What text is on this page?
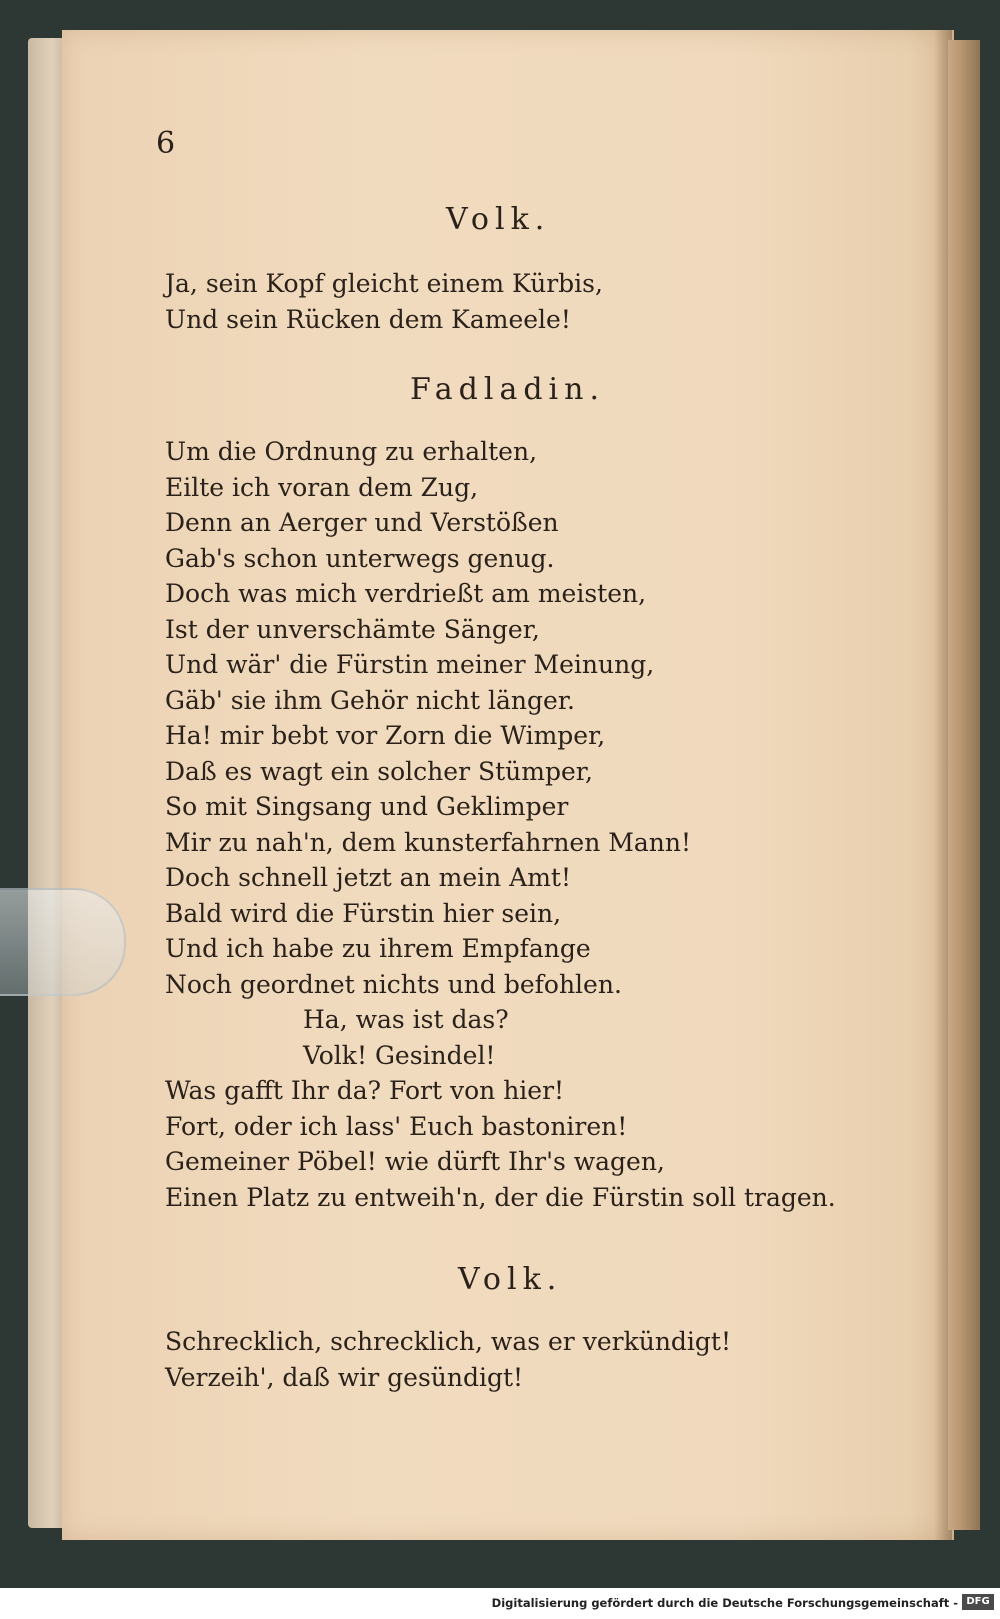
6
Volk.
Ja, sein Kopf gleicht einem Kürbis,
Und sein Rücken dem Kameele!
Fadladin.
Um die Ordnung zu erhalten,
Eilte ich voran dem Zug,
Denn an Aerger und Verstößen
Gab's schon unterwegs genug.
Doch was mich verdrießt am meisten,
Ist der unverschämte Sänger,
Und wär' die Fürstin meiner Meinung,
Gäb' sie ihm Gehör nicht länger.
Ha! mir bebt vor Zorn die Wimper,
Daß es wagt ein solcher Stümper,
So mit Singsang und Geklimper
Mir zu nah'n, dem kunsterfahrnen Mann!
Doch schnell jetzt an mein Amt!
Bald wird die Fürstin hier sein,
Und ich habe zu ihrem Empfange
Noch geordnet nichts und befohlen.
Ha, was ist das?
Volk! Gesindel!
Was gafft Ihr da? Fort von hier!
Fort, oder ich lass' Euch bastoniren!
Gemeiner Pöbel! wie dürft Ihr's wagen,
Einen Platz zu entweih'n, der die Fürstin soll tragen.
Volk.
Schrecklich, schrecklich, was er verkündigt!
Verzeih', daß wir gesündigt!
Digitalisierung gefördert durch die Deutsche Forschungsgemeinschaft - DFG
